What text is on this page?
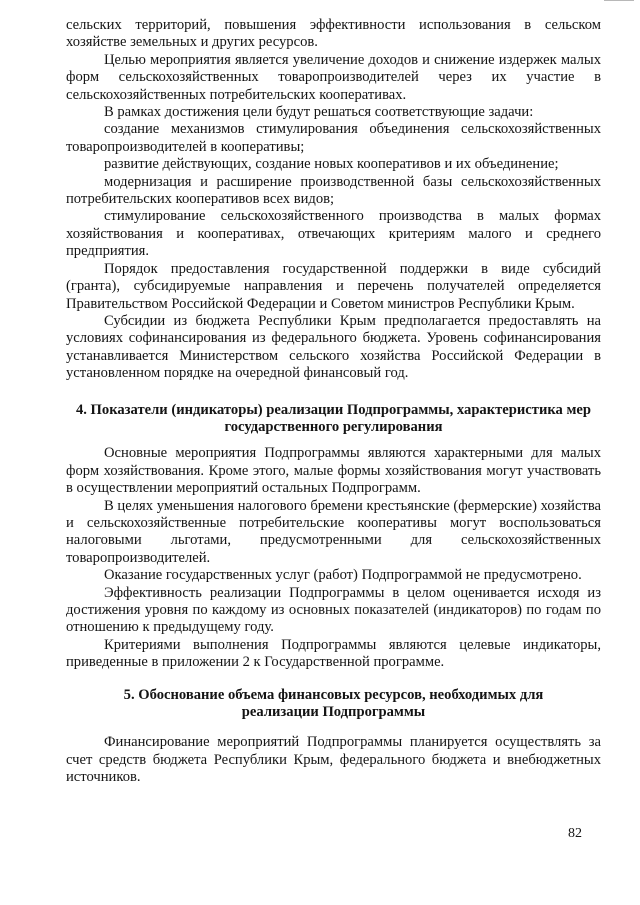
сельских территорий, повышения эффективности использования в сельском хозяйстве земельных и других ресурсов.

Целью мероприятия является увеличение доходов и снижение издержек малых форм сельскохозяйственных товаропроизводителей через их участие в сельскохозяйственных потребительских кооперативах.

В рамках достижения цели будут решаться соответствующие задачи:

создание механизмов стимулирования объединения сельскохозяйственных товаропроизводителей в кооперативы;

развитие действующих, создание новых кооперативов и их объединение;

модернизация и расширение производственной базы сельскохозяйственных потребительских кооперативов всех видов;

стимулирование сельскохозяйственного производства в малых формах хозяйствования и кооперативах, отвечающих критериям малого и среднего предприятия.

Порядок предоставления государственной поддержки в виде субсидий (гранта), субсидируемые направления и перечень получателей определяется Правительством Российской Федерации и Советом министров Республики Крым.

Субсидии из бюджета Республики Крым предполагается предоставлять на условиях софинансирования из федерального бюджета. Уровень софинансирования устанавливается Министерством сельского хозяйства Российской Федерации в установленном порядке на очередной финансовый год.

4. Показатели (индикаторы) реализации Подпрограммы, характеристика мер государственного регулирования

Основные мероприятия Подпрограммы являются характерными для малых форм хозяйствования. Кроме этого, малые формы хозяйствования могут участвовать в осуществлении мероприятий остальных Подпрограмм.

В целях уменьшения налогового бремени крестьянские (фермерские) хозяйства и сельскохозяйственные потребительские кооперативы могут воспользоваться налоговыми льготами, предусмотренными для сельскохозяйственных товаропроизводителей.

Оказание государственных услуг (работ) Подпрограммой не предусмотрено.

Эффективность реализации Подпрограммы в целом оценивается исходя из достижения уровня по каждому из основных показателей (индикаторов) по годам по отношению к предыдущему году.

Критериями выполнения Подпрограммы являются целевые индикаторы, приведенные в приложении 2 к Государственной программе.

5. Обоснование объема финансовых ресурсов, необходимых для
реализации Подпрограммы

Финансирование мероприятий Подпрограммы планируется осуществлять за счет средств бюджета Республики Крым, федерального бюджета и внебюджетных источников.

82
